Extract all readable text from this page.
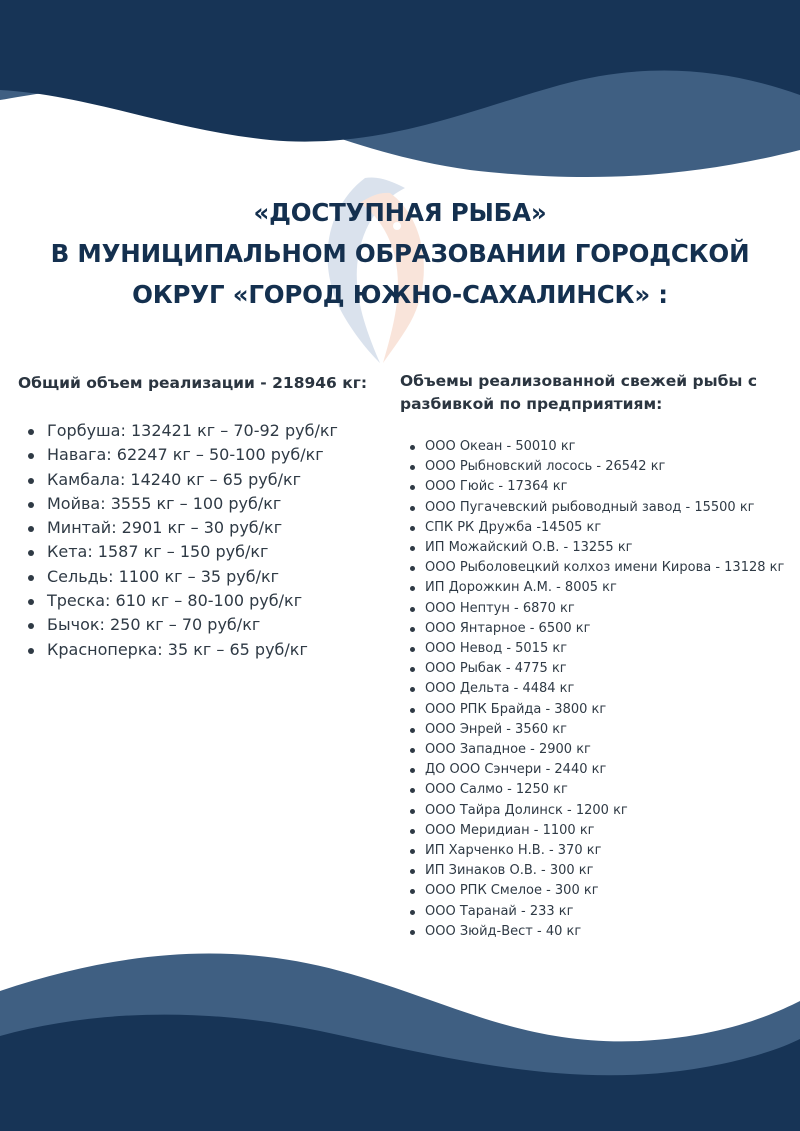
«ДОСТУПНАЯ РЫБА»
В МУНИЦИПАЛЬНОМ ОБРАЗОВАНИИ ГОРОДСКОЙ
ОКРУГ «ГОРОД ЮЖНО-САХАЛИНСК» :
Общий объем реализации - 218946 кг:
Горбуша: 132421 кг – 70-92 руб/кг
Навага: 62247 кг – 50-100 руб/кг
Камбала: 14240 кг – 65 руб/кг
Мойва: 3555 кг – 100 руб/кг
Минтай: 2901 кг – 30 руб/кг
Кета: 1587 кг – 150 руб/кг
Сельдь: 1100 кг – 35 руб/кг
Треска: 610 кг – 80-100 руб/кг
Бычок: 250 кг – 70 руб/кг
Красноперка: 35 кг – 65 руб/кг
Объемы реализованной свежей рыбы с разбивкой по предприятиям:
ООО Океан - 50010 кг
ООО Рыбновский лосось - 26542 кг
ООО Гюйс - 17364 кг
ООО Пугачевский рыбоводный завод - 15500 кг
СПК РК Дружба -14505 кг
ИП Можайский О.В. - 13255 кг
ООО Рыболовецкий колхоз имени Кирова - 13128 кг
ИП Дорожкин А.М. - 8005 кг
ООО Нептун - 6870 кг
ООО Янтарное - 6500 кг
ООО Невод - 5015 кг
ООО Рыбак - 4775 кг
ООО Дельта - 4484 кг
ООО РПК Брайда - 3800 кг
ООО Энрей - 3560 кг
ООО Западное - 2900 кг
ДО ООО Сэнчери - 2440 кг
ООО Салмо - 1250 кг
ООО Тайра Долинск - 1200 кг
ООО Меридиан - 1100 кг
ИП Харченко Н.В. - 370 кг
ИП Зинаков О.В. - 300 кг
ООО РПК Смелое - 300 кг
ООО Таранай - 233 кг
ООО Зюйд-Вест - 40 кг
